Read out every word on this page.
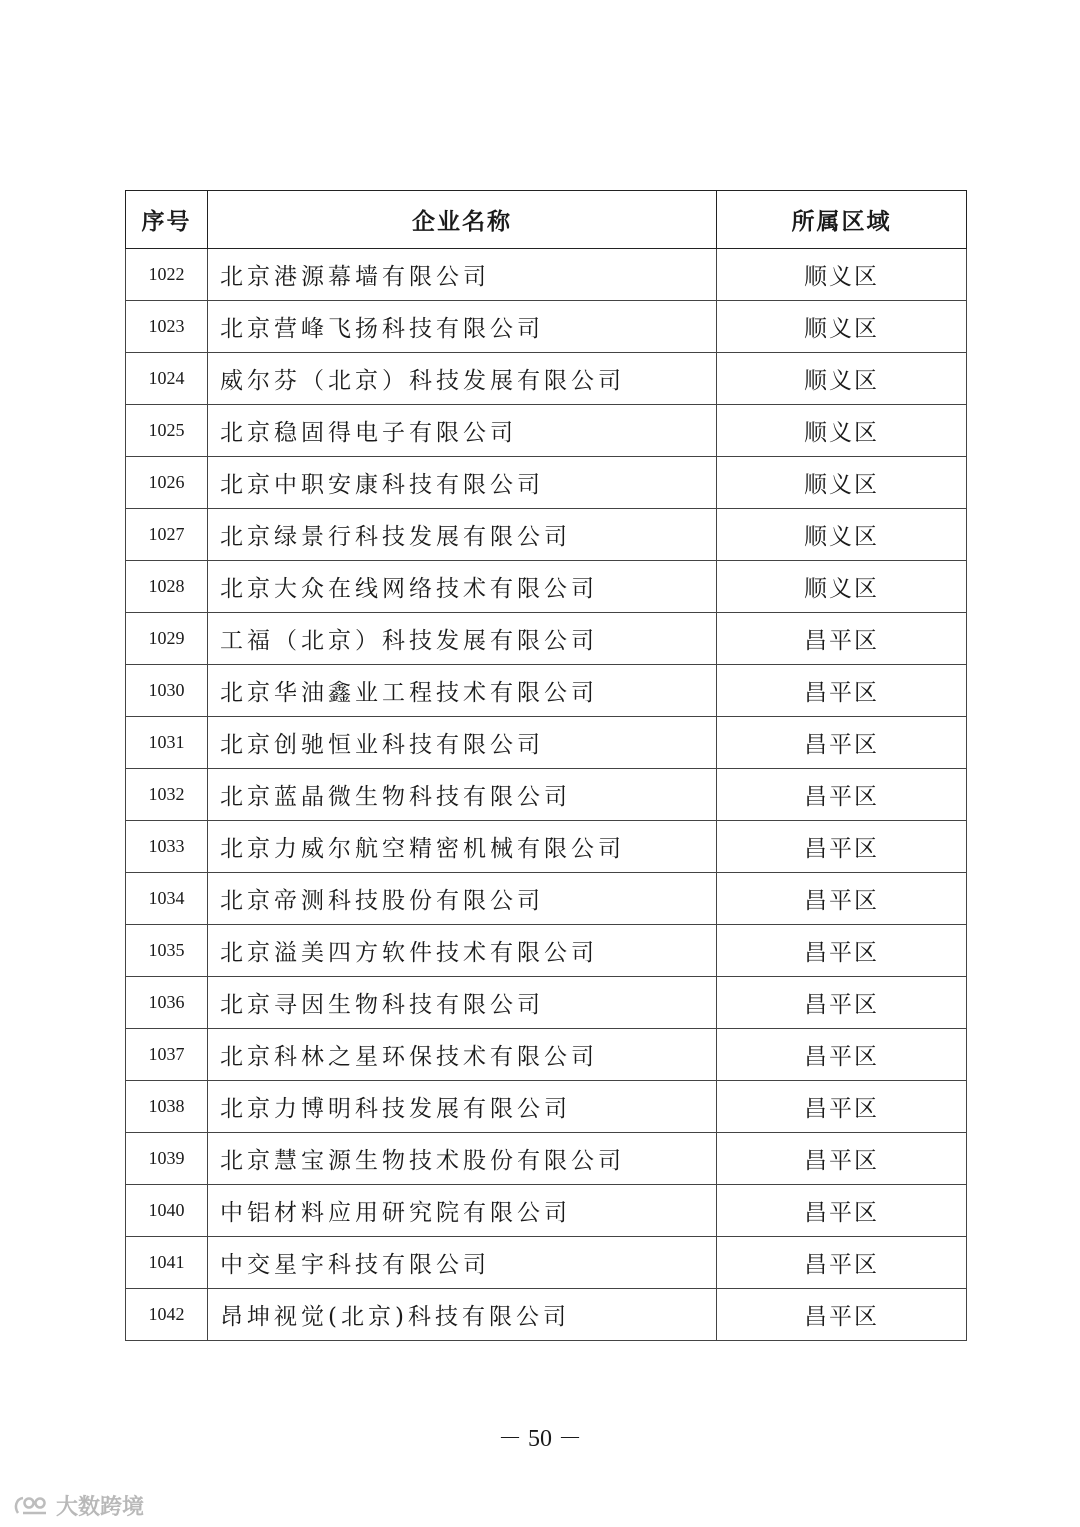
序号	企业名称	所属区域
1022	北京港源幕墙有限公司	顺义区
1023	北京营峰飞扬科技有限公司	顺义区
1024	威尔芬（北京）科技发展有限公司	顺义区
1025	北京稳固得电子有限公司	顺义区
1026	北京中职安康科技有限公司	顺义区
1027	北京绿景行科技发展有限公司	顺义区
1028	北京大众在线网络技术有限公司	顺义区
1029	工福（北京）科技发展有限公司	昌平区
1030	北京华油鑫业工程技术有限公司	昌平区
1031	北京创驰恒业科技有限公司	昌平区
1032	北京蓝晶微生物科技有限公司	昌平区
1033	北京力威尔航空精密机械有限公司	昌平区
1034	北京帝测科技股份有限公司	昌平区
1035	北京溢美四方软件技术有限公司	昌平区
1036	北京寻因生物科技有限公司	昌平区
1037	北京科林之星环保技术有限公司	昌平区
1038	北京力博明科技发展有限公司	昌平区
1039	北京慧宝源生物技术股份有限公司	昌平区
1040	中铝材料应用研究院有限公司	昌平区
1041	中交星宇科技有限公司	昌平区
1042	昂坤视觉(北京)科技有限公司	昌平区
－ 50 －
大数跨境
